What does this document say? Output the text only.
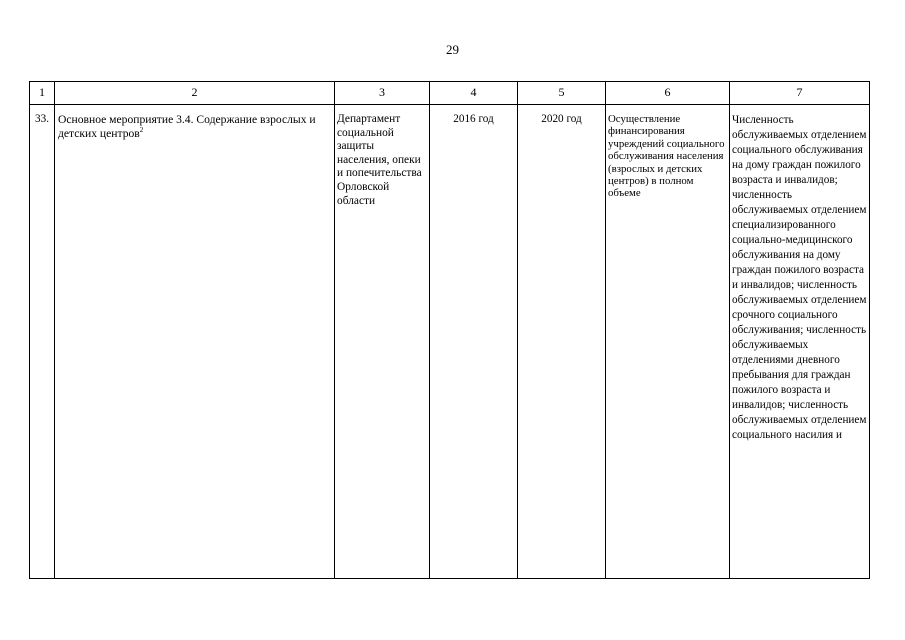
29
1	2	3	4	5	6	7
33.	Основное мероприятие 3.4. Содержание взрослых и детских центров$^2$	Департамент социальной защиты населения, опеки и попечительства Орловской области	2016 год	2020 год	Осуществление финансирования учреждений социального обслуживания населения (взрослых и детских центров) в полном объеме	Численность обслуживаемых отделением социального обслуживания на дому граждан пожилого возраста и инвалидов; численность обслуживаемых отделением специализированного социально-медицинского обслуживания на дому граждан пожилого возраста и инвалидов; численность обслуживаемых отделением срочного социального обслуживания; численность обслуживаемых отделениями дневного пребывания для граждан пожилого возраста и инвалидов; численность обслуживаемых отделением социального насилия и
